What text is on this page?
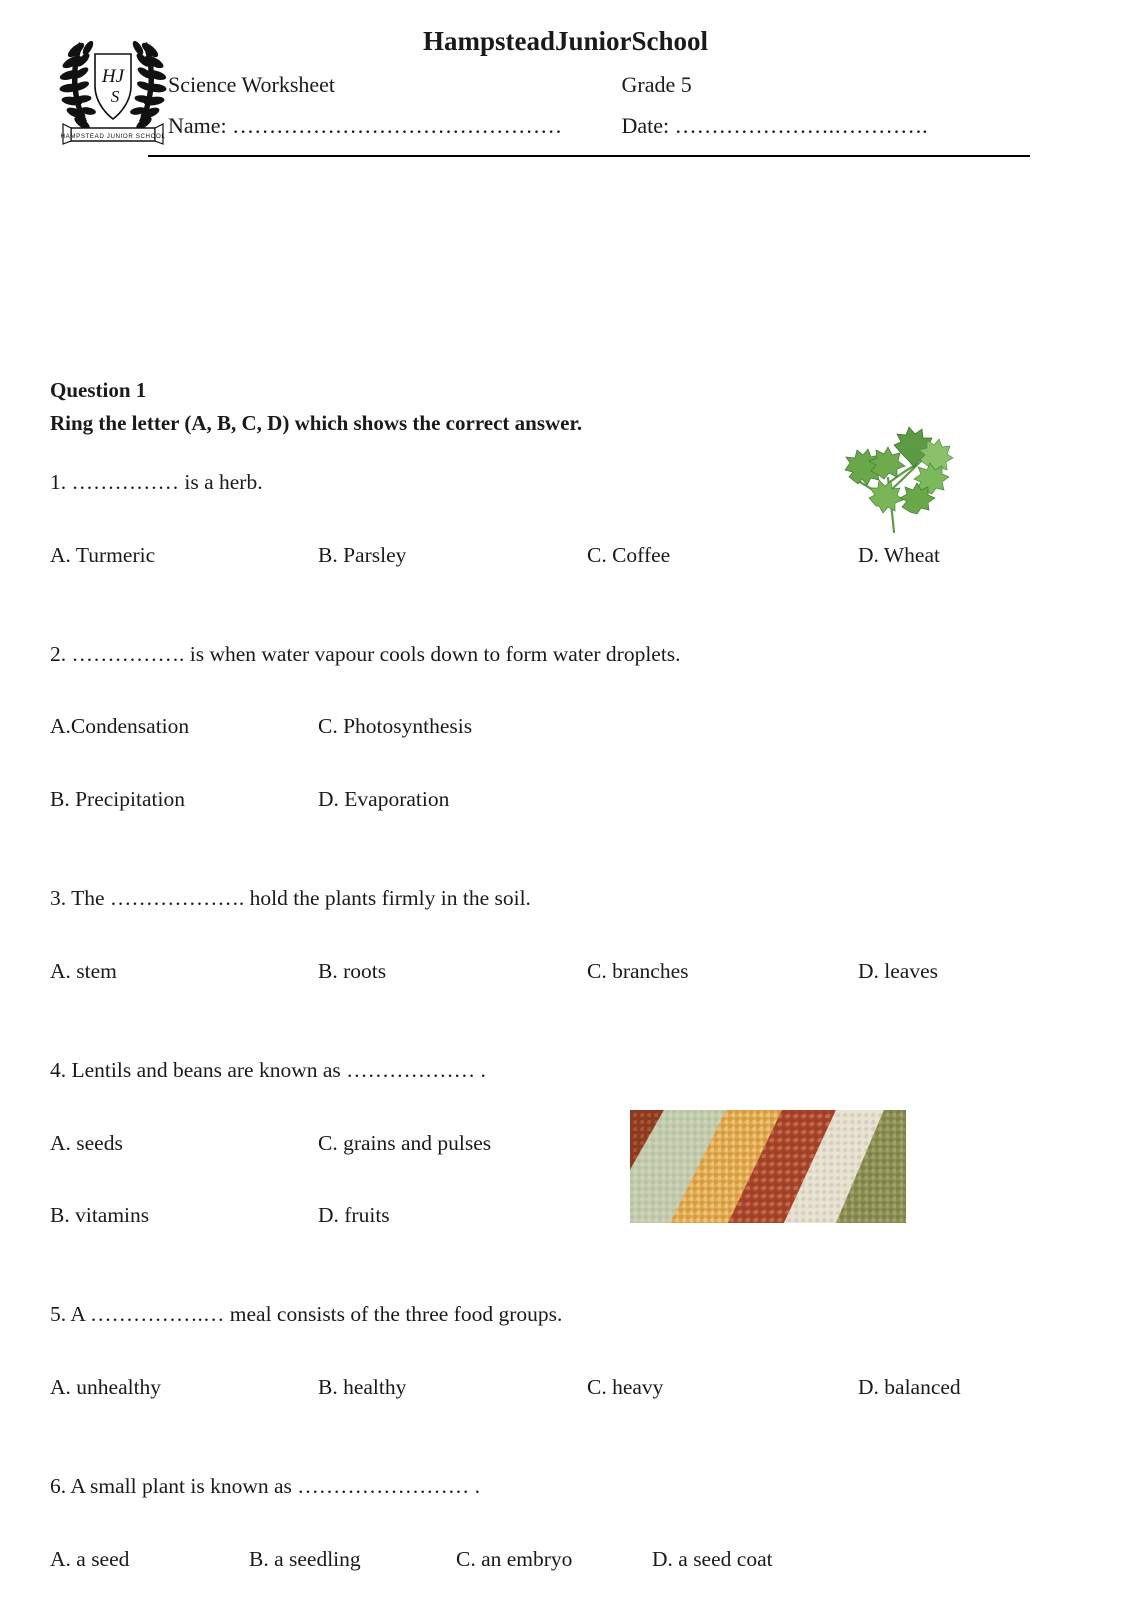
HJ
S
HAMPSTEAD JUNIOR SCHOOL
HampsteadJuniorSchool
Science Worksheet	Grade 5
Name: ………………………………………	Date: ………………….………….
Question 1
Ring the letter (A, B, C, D) which shows the correct answer.
1. …………… is a herb.
A. Turmeric	B. Parsley	C. Coffee	D. Wheat
2. ……………. is when water vapour cools down to form water droplets.
A.Condensation	C. Photosynthesis
B. Precipitation	D. Evaporation
3. The ………………. hold the plants firmly in the soil.
A. stem	B. roots	C. branches	D. leaves
4. Lentils and beans are known as ……………… .
A. seeds	C. grains and pulses
B. vitamins	D. fruits
5. A …………….… meal consists of the three food groups.
A. unhealthy	B. healthy	C. heavy	D. balanced
6. A small plant is known as …………………… .
A. a seed	B. a seedling	C. an embryo	D. a seed coat
